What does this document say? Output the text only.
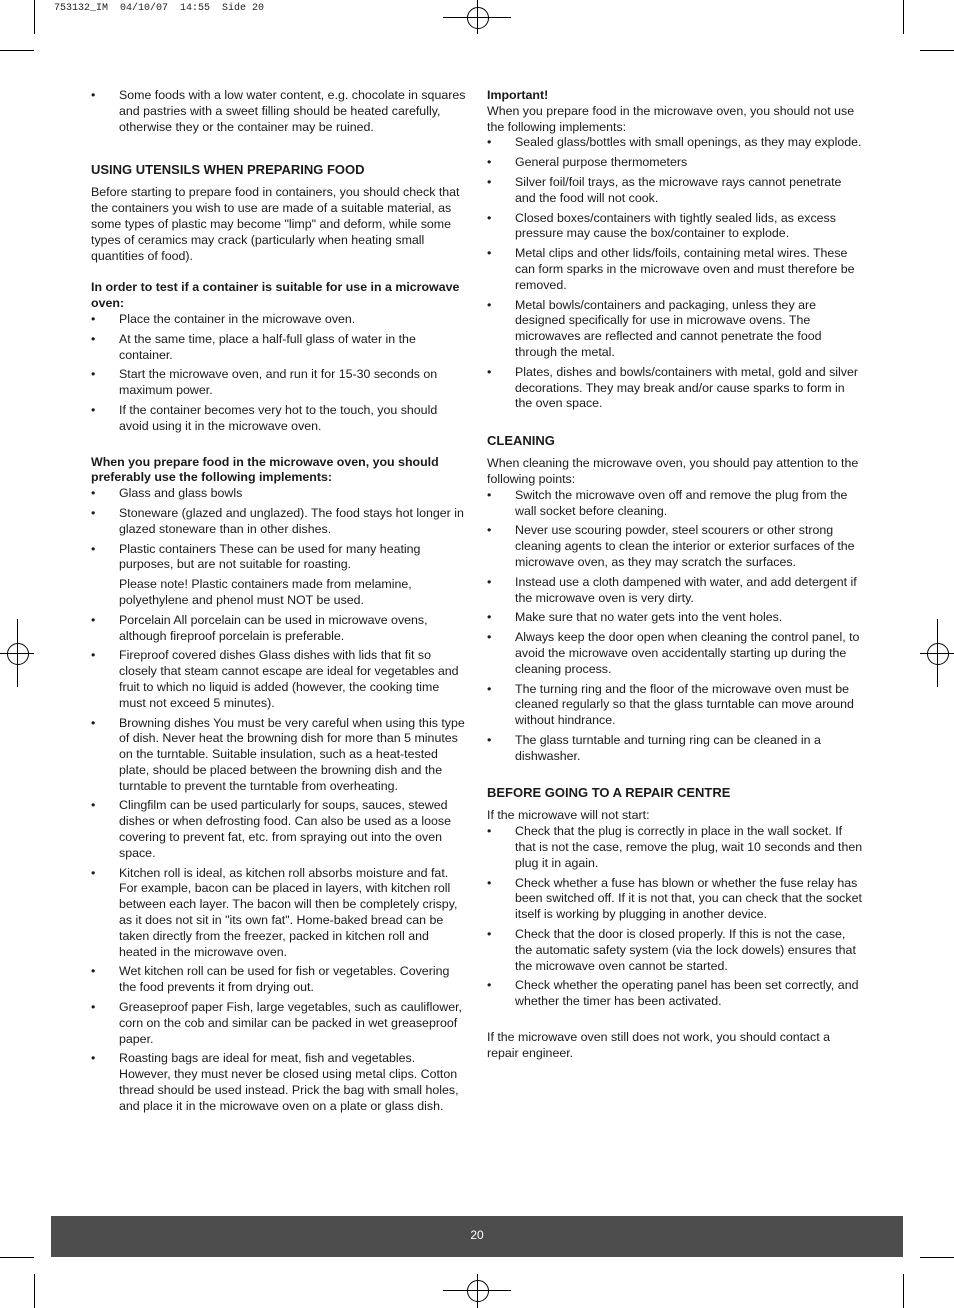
753132_IM  04/10/07  14:55  Side 20
• Some foods with a low water content, e.g. chocolate in squares and pastries with a sweet filling should be heated carefully, otherwise they or the container may be ruined.
USING UTENSILS WHEN PREPARING FOOD

Before starting to prepare food in containers, you should check that the containers you wish to use are made of a suitable material, as some types of plastic may become "limp" and deform, while some types of ceramics may crack (particularly when heating small quantities of food).

In order to test if a container is suitable for use in a microwave oven:

• Place the container in the microwave oven.
• At the same time, place a half-full glass of water in the container.
• Start the microwave oven, and run it for 15-30 seconds on maximum power.
• If the container becomes very hot to the touch, you should avoid using it in the microwave oven.

When you prepare food in the microwave oven, you should preferably use the following implements:

• Glass and glass bowls
• Stoneware (glazed and unglazed). The food stays hot longer in glazed stoneware than in other dishes.
• Plastic containers These can be used for many heating purposes, but are not suitable for roasting.

Please note! Plastic containers made from melamine, polyethylene and phenol must NOT be used.

• Porcelain All porcelain can be used in microwave ovens, although fireproof porcelain is preferable.
• Fireproof covered dishes Glass dishes with lids that fit so closely that steam cannot escape are ideal for vegetables and fruit to which no liquid is added (however, the cooking time must not exceed 5 minutes).
• Browning dishes You must be very careful when using this type of dish. Never heat the browning dish for more than 5 minutes on the turntable. Suitable insulation, such as a heat-tested plate, should be placed between the browning dish and the turntable to prevent the turntable from overheating.
• Clingfilm can be used particularly for soups, sauces, stewed dishes or when defrosting food. Can also be used as a loose covering to prevent fat, etc. from spraying out into the oven space.
• Kitchen roll is ideal, as kitchen roll absorbs moisture and fat. For example, bacon can be placed in layers, with kitchen roll between each layer. The bacon will then be completely crispy, as it does not sit in "its own fat". Home-baked bread can be taken directly from the freezer, packed in kitchen roll and heated in the microwave oven.
• Wet kitchen roll can be used for fish or vegetables. Covering the food prevents it from drying out.
• Greaseproof paper Fish, large vegetables, such as cauliflower, corn on the cob and similar can be packed in wet greaseproof paper.
• Roasting bags are ideal for meat, fish and vegetables. However, they must never be closed using metal clips. Cotton thread should be used instead. Prick the bag with small holes, and place it in the microwave oven on a plate or glass dish.

Important!

When you prepare food in the microwave oven, you should not use the following implements:

• Sealed glass/bottles with small openings, as they may explode.
• General purpose thermometers
• Silver foil/foil trays, as the microwave rays cannot penetrate and the food will not cook.
• Closed boxes/containers with tightly sealed lids, as excess pressure may cause the box/container to explode.
• Metal clips and other lids/foils, containing metal wires. These can form sparks in the microwave oven and must therefore be removed.
• Metal bowls/containers and packaging, unless they are designed specifically for use in microwave ovens. The microwaves are reflected and cannot penetrate the food through the metal.
• Plates, dishes and bowls/containers with metal, gold and silver decorations. They may break and/or cause sparks to form in the oven space.
CLEANING

When cleaning the microwave oven, you should pay attention to the following points:

• Switch the microwave oven off and remove the plug from the wall socket before cleaning.
• Never use scouring powder, steel scourers or other strong cleaning agents to clean the interior or exterior surfaces of the microwave oven, as they may scratch the surfaces.
• Instead use a cloth dampened with water, and add detergent if the microwave oven is very dirty.
• Make sure that no water gets into the vent holes.
• Always keep the door open when cleaning the control panel, to avoid the microwave oven accidentally starting up during the cleaning process.
• The turning ring and the floor of the microwave oven must be cleaned regularly so that the glass turntable can move around without hindrance.
• The glass turntable and turning ring can be cleaned in a dishwasher.
BEFORE GOING TO A REPAIR CENTRE

If the microwave will not start:

• Check that the plug is correctly in place in the wall socket. If that is not the case, remove the plug, wait 10 seconds and then plug it in again.
• Check whether a fuse has blown or whether the fuse relay has been switched off. If it is not that, you can check that the socket itself is working by plugging in another device.
• Check that the door is closed properly. If this is not the case, the automatic safety system (via the lock dowels) ensures that the microwave oven cannot be started.
• Check whether the operating panel has been set correctly, and whether the timer has been activated.

If the microwave oven still does not work, you should contact a repair engineer.

20
